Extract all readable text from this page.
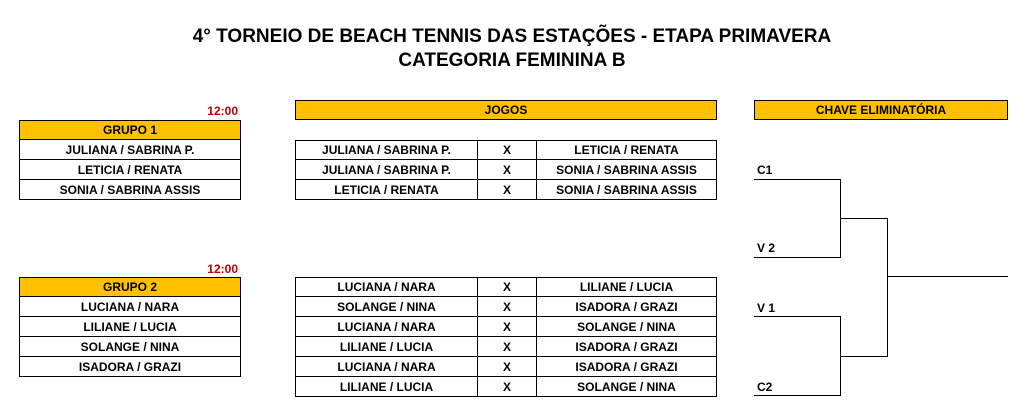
4° TORNEIO DE BEACH TENNIS DAS ESTAÇÕES - ETAPA PRIMAVERA
CATEGORIA FEMININA B
12:00
GRUPO 1
JULIANA / SABRINA P.
LETICIA / RENATA
SONIA / SABRINA ASSIS
12:00
GRUPO 2
LUCIANA / NARA
LILIANE / LUCIA
SOLANGE / NINA
ISADORA / GRAZI
JOGOS
JULIANA / SABRINA P.	X	LETICIA / RENATA
JULIANA / SABRINA P.	X	SONIA / SABRINA ASSIS
LETICIA / RENATA	X	SONIA / SABRINA ASSIS
LUCIANA / NARA	X	LILIANE / LUCIA
SOLANGE / NINA	X	ISADORA / GRAZI
LUCIANA / NARA	X	SOLANGE / NINA
LILIANE / LUCIA	X	ISADORA / GRAZI
LUCIANA / NARA	X	ISADORA / GRAZI
LILIANE / LUCIA	X	SOLANGE / NINA
CHAVE ELIMINATÓRIA
C1
V 2
V 1
C2
